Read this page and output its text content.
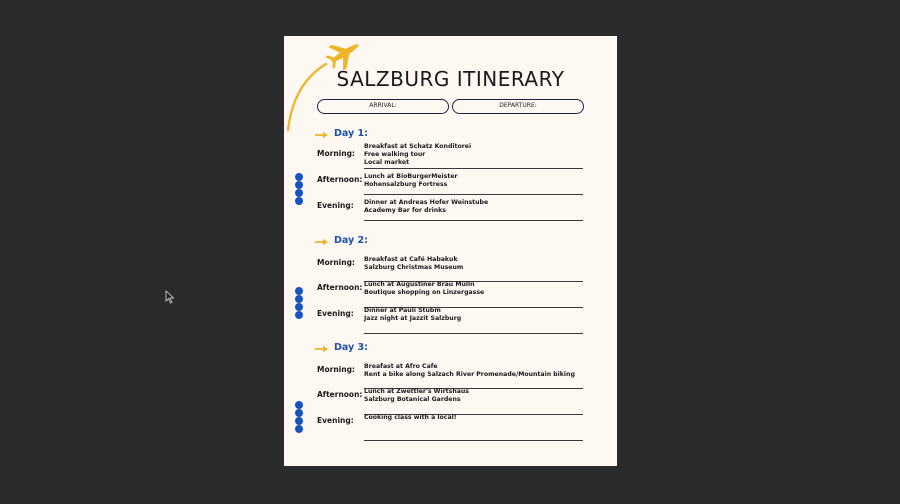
SALZBURG ITINERARY
ARRIVAL:	DEPARTURE:
Day 1:
Morning:
Breakfast at Schatz Konditorei
Free walking tour
Local market
Afternoon: Lunch at BioBurgerMeister
Hohensalzburg Fortress
Evening: Dinner at Andreas Hofer Weinstube
Academy Bar for drinks
Day 2:
Morning: Breakfast at Café Habakuk
Salzburg Christmas Museum
Afternoon: Lunch at Augustiner Bräu Mülln
Boutique shopping on Linzergasse
Evening: Dinner at Pauli Stubm
Jazz night at Jazzit Salzburg
Day 3:
Morning: Breafast at Afro Cafe
Rent a bike along Salzach River Promenade/Mountain biking
Afternoon: Lunch at Zwettler's Wirtshaus
Salzburg Botanical Gardens
Evening: Cooking class with a local!
